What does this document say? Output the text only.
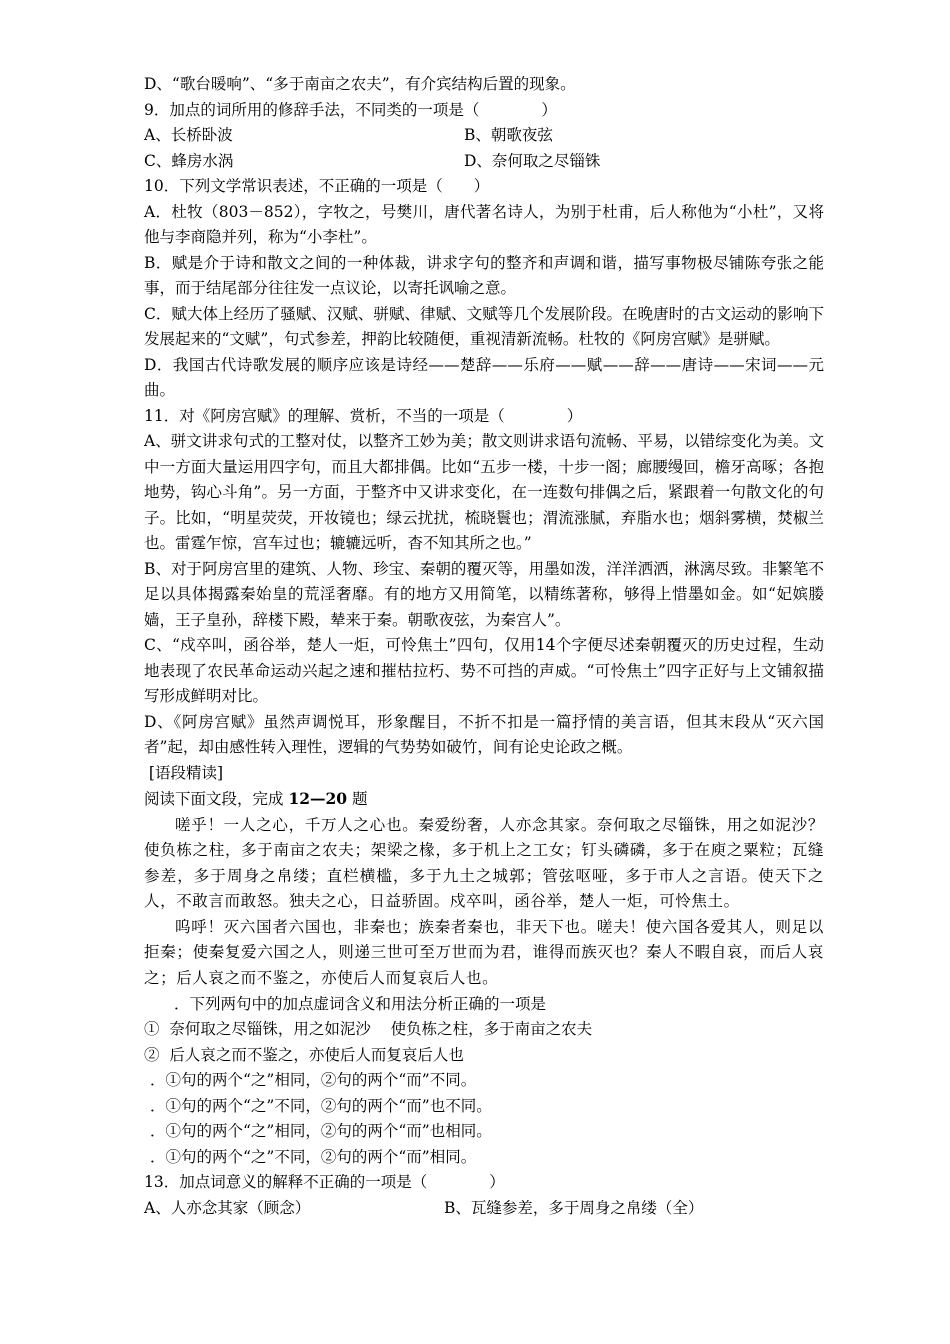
D、“歌台暖响”、“多于南亩之农夫”，有介宾结构后置的现象。
9．加点的词所用的修辞手法，不同类的一项是（　　　　）
A、长桥卧波	B、朝歌夜弦
C、蜂房水涡	D、奈何取之尽锱铢
10．下列文学常识表述，不正确的一项是（　　）
A．杜牧（803－852），字牧之，号樊川，唐代著名诗人，为别于杜甫，后人称他为“小杜”，又将他与李商隐并列，称为“小李杜”。
B．赋是介于诗和散文之间的一种体裁，讲求字句的整齐和声调和谐，描写事物极尽铺陈夸张之能事，而于结尾部分往往发一点议论，以寄托讽喻之意。
C．赋大体上经历了骚赋、汉赋、骈赋、律赋、文赋等几个发展阶段。在晚唐时的古文运动的影响下发展起来的“文赋”，句式参差，押韵比较随便，重视清新流畅。杜牧的《阿房宫赋》是骈赋。
D．我国古代诗歌发展的顺序应该是诗经——楚辞——乐府——赋——辞——唐诗——宋词——元曲。
11．对《阿房宫赋》的理解、赏析，不当的一项是（　　　　）
A、骈文讲求句式的工整对仗，以整齐工妙为美；散文则讲求语句流畅、平易，以错综变化为美。文中一方面大量运用四字句，而且大都排偶。比如“五步一楼，十步一阁；廊腰缦回，檐牙高啄；各抱地势，钩心斗角”。另一方面，于整齐中又讲求变化，在一连数句排偶之后，紧跟着一句散文化的句子。比如，“明星荧荧，开妆镜也；绿云扰扰，梳晓鬟也；渭流涨腻，弃脂水也；烟斜雾横，焚椒兰也。雷霆乍惊，宫车过也；辘辘远听，杳不知其所之也。”
B、对于阿房宫里的建筑、人物、珍宝、秦朝的覆灭等，用墨如泼，洋洋洒洒，淋漓尽致。非繁笔不足以具体揭露秦始皇的荒淫奢靡。有的地方又用简笔，以精练著称，够得上惜墨如金。如“妃嫔媵嫱，王子皇孙，辞楼下殿，辇来于秦。朝歌夜弦，为秦宫人”。
C、“戍卒叫，函谷举，楚人一炬，可怜焦土”四句，仅用14个字便尽述秦朝覆灭的历史过程，生动地表现了农民革命运动兴起之速和摧枯拉朽、势不可挡的声威。“可怜焦土”四字正好与上文铺叙描写形成鲜明对比。
D、《阿房宫赋》虽然声调悦耳，形象醒目，不折不扣是一篇抒情的美言语，但其末段从“灭六国者”起，却由感性转入理性，逻辑的气势势如破竹，间有论史论政之概。
[语段精读]
阅读下面文段，完成 12—20 题

嗟乎！一人之心，千万人之心也。秦爱纷奢，人亦念其家。奈何取之尽锱铢，用之如泥沙？使负栋之柱，多于南亩之农夫；架梁之椽，多于机上之工女；钉头磷磷，多于在庾之粟粒；瓦缝参差，多于周身之帛缕；直栏横槛，多于九土之城郭；管弦呕哑，多于市人之言语。使天下之人，不敢言而敢怒。独夫之心，日益骄固。戍卒叫，函谷举，楚人一炬，可怜焦土。

呜呼！灭六国者六国也，非秦也；族秦者秦也，非天下也。嗟夫！使六国各爱其人，则足以拒秦；使秦复爱六国之人，则递三世可至万世而为君，谁得而族灭也？秦人不暇自哀，而后人哀之；后人哀之而不鉴之，亦使后人而复哀后人也。

．下列两句中的加点虚词含义和用法分析正确的一项是
①  奈何取之尽锱铢，用之如泥沙    使负栋之柱，多于南亩之农夫
②  后人哀之而不鉴之，亦使后人而复哀后人也
．①句的两个“之”相同，②句的两个“而”不同。
．①句的两个“之”不同，②句的两个“而”也不同。
．①句的两个“之”相同，②句的两个“而”也相同。
．①句的两个“之”不同，②句的两个“而”相同。
13．加点词意义的解释不正确的一项是（　　　　）
A、人亦念其家（顾念）	B、瓦缝参差，多于周身之帛缕（全）
